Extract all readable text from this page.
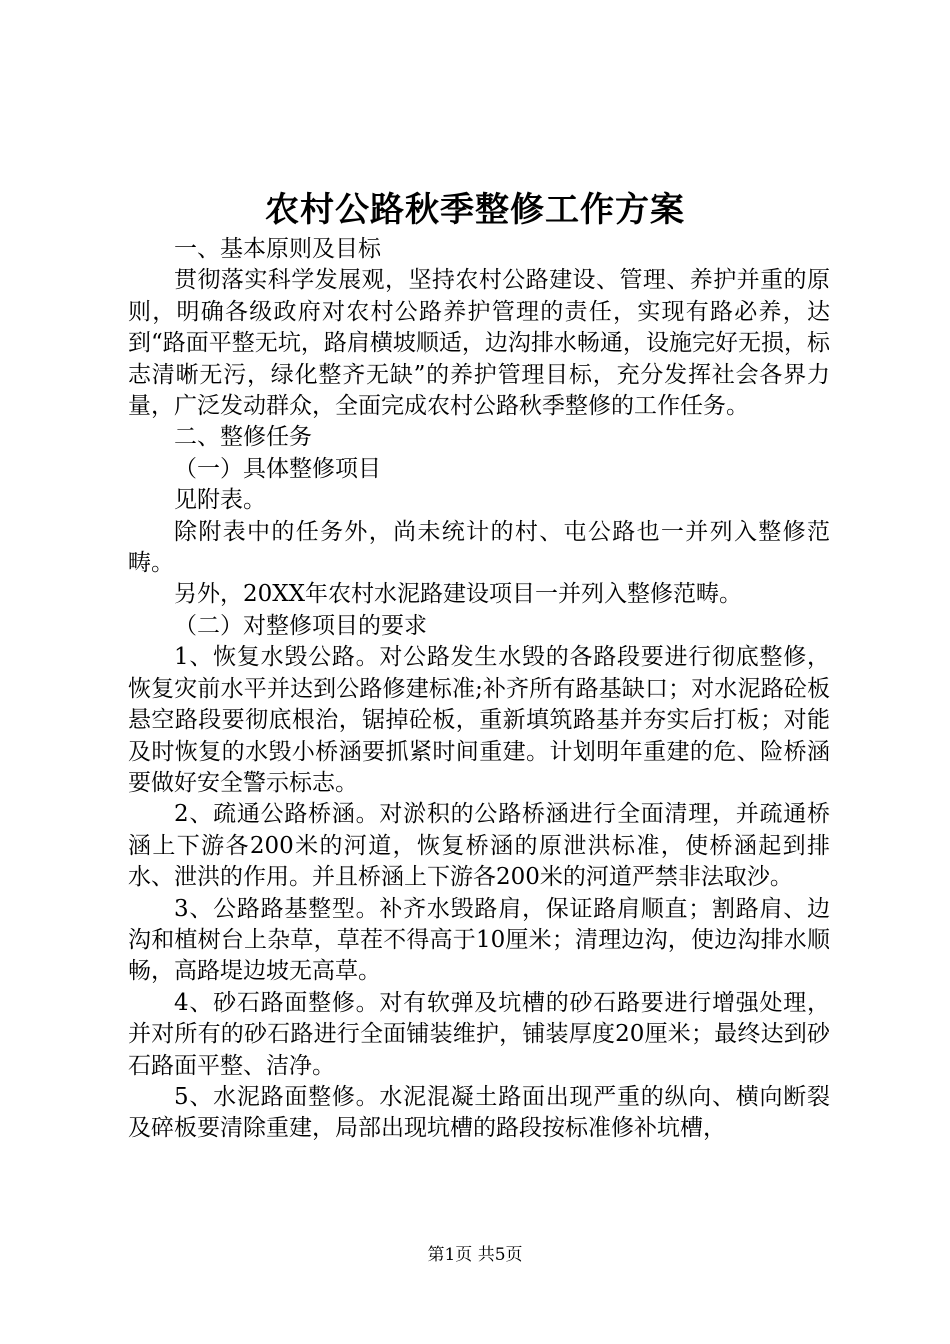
农村公路秋季整修工作方案

一、基本原则及目标

贯彻落实科学发展观，坚持农村公路建设、管理、养护并重的原则，明确各级政府对农村公路养护管理的责任，实现有路必养，达到“路面平整无坑，路肩横坡顺适，边沟排水畅通，设施完好无损，标志清晰无污，绿化整齐无缺”的养护管理目标，充分发挥社会各界力量，广泛发动群众，全面完成农村公路秋季整修的工作任务。

二、整修任务

（一）具体整修项目

见附表。

除附表中的任务外，尚未统计的村、屯公路也一并列入整修范畴。

另外，20XX年农村水泥路建设项目一并列入整修范畴。

（二）对整修项目的要求

1、恢复水毁公路。对公路发生水毁的各路段要进行彻底整修，恢复灾前水平并达到公路修建标准;补齐所有路基缺口；对水泥路砼板悬空路段要彻底根治，锯掉砼板，重新填筑路基并夯实后打板；对能及时恢复的水毁小桥涵要抓紧时间重建。计划明年重建的危、险桥涵要做好安全警示标志。

2、疏通公路桥涵。对淤积的公路桥涵进行全面清理，并疏通桥涵上下游各200米的河道，恢复桥涵的原泄洪标准，使桥涵起到排水、泄洪的作用。并且桥涵上下游各200米的河道严禁非法取沙。

3、公路路基整型。补齐水毁路肩，保证路肩顺直；割路肩、边沟和植树台上杂草，草茬不得高于10厘米；清理边沟，使边沟排水顺畅，高路堤边坡无高草。

4、砂石路面整修。对有软弹及坑槽的砂石路要进行增强处理，并对所有的砂石路进行全面铺装维护，铺装厚度20厘米；最终达到砂石路面平整、洁净。

5、水泥路面整修。水泥混凝土路面出现严重的纵向、横向断裂及碎板要清除重建，局部出现坑槽的路段按标准修补坑槽，

第1页 共5页
